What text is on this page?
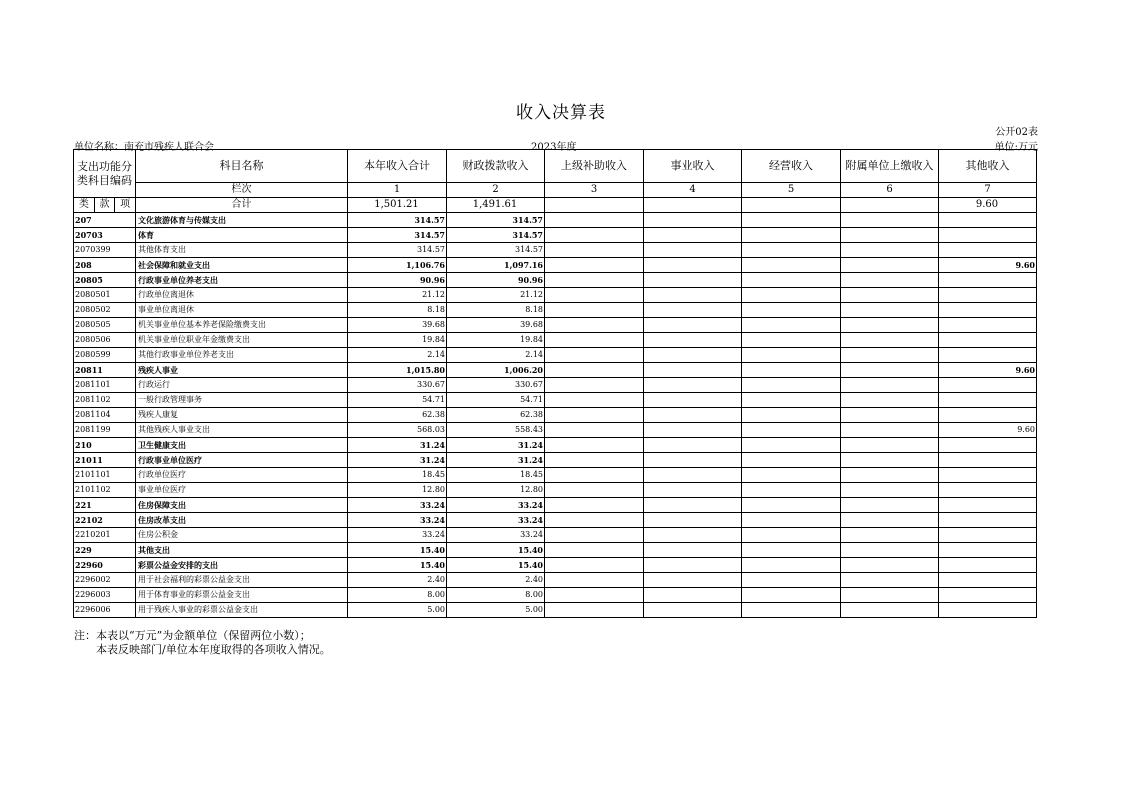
收入决算表
公开02表
单位名称：南充市残疾人联合会	2023年度	单位:万元
支出功能分类科目编码	科目名称	本年收入合计	财政拨款收入	上级补助收入	事业收入	经营收入	附属单位上缴收入	其他收入
	栏次	1	2	3	4	5	6	7

类 款 项	合计	1,501.21	1,491.61					9.60
207	文化旅游体育与传媒支出	314.57	314.57					
20703	体育	314.57	314.57					
2070399	其他体育支出	314.57	314.57					
208	社会保障和就业支出	1,106.76	1,097.16					9.60
20805	行政事业单位养老支出	90.96	90.96					
2080501	行政单位离退休	21.12	21.12					
2080502	事业单位离退休	8.18	8.18					
2080505	机关事业单位基本养老保险缴费支出	39.68	39.68					
2080506	机关事业单位职业年金缴费支出	19.84	19.84					
2080599	其他行政事业单位养老支出	2.14	2.14					
20811	残疾人事业	1,015.80	1,006.20					9.60
2081101	行政运行	330.67	330.67					
2081102	一般行政管理事务	54.71	54.71					
2081104	残疾人康复	62.38	62.38					
2081199	其他残疾人事业支出	568.03	558.43					9.60
210	卫生健康支出	31.24	31.24					
21011	行政事业单位医疗	31.24	31.24					
2101101	行政单位医疗	18.45	18.45					
2101102	事业单位医疗	12.80	12.80					
221	住房保障支出	33.24	33.24					
22102	住房改革支出	33.24	33.24					
2210201	住房公积金	33.24	33.24					
229	其他支出	15.40	15.40					
22960	彩票公益金安排的支出	15.40	15.40					
2296002	用于社会福利的彩票公益金支出	2.40	2.40					
2296003	用于体育事业的彩票公益金支出	8.00	8.00					
2296006	用于残疾人事业的彩票公益金支出	5.00	5.00					
注：本表以“万元”为金额单位（保留两位小数）；
本表反映部门/单位本年度取得的各项收入情况。
